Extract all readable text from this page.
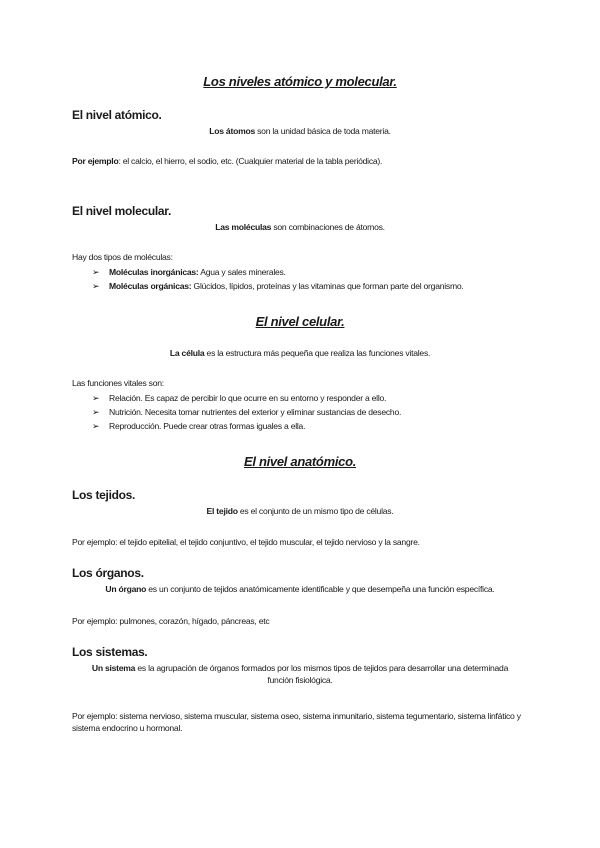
Los niveles atómico y molecular.
El nivel atómico.
Los átomos son la unidad básica de toda materia.
Por ejemplo: el calcio, el hierro, el sodio, etc. (Cualquier material de la tabla periódica).
El nivel molecular.
Las moléculas son combinaciones de átomos.
Hay dos tipos de moléculas:
➢ Moléculas inorgánicas: Agua y sales minerales.
➢ Moléculas orgánicas: Glúcidos, lípidos, proteínas y las vitaminas que forman parte del organismo.
El nivel celular.
La célula es la estructura más pequeña que realiza las funciones vitales.
Las funciones vitales son:
➢ Relación. Es capaz de percibir lo que ocurre en su entorno y responder a ello.
➢ Nutrición. Necesita tomar nutrientes del exterior y eliminar sustancias de desecho.
➢ Reproducción. Puede crear otras formas iguales a ella.
El nivel anatómico.
Los tejidos.
El tejido es el conjunto de un mismo tipo de células.
Por ejemplo: el tejido epitelial, el tejido conjuntivo, el tejido muscular, el tejido nervioso y la sangre.
Los órganos.
Un órgano es un conjunto de tejidos anatómicamente identificable y que desempeña una función específica.
Por ejemplo: pulmones, corazón, hígado, páncreas, etc
Los sistemas.
Un sistema es la agrupación de órganos formados por los mismos tipos de tejidos para desarrollar una determinada función fisiológica.
Por ejemplo: sistema nervioso, sistema muscular, sistema oseo, sistema inmunitario, sistema tegumentario, sistema linfático y sistema endocrino u hormonal.
